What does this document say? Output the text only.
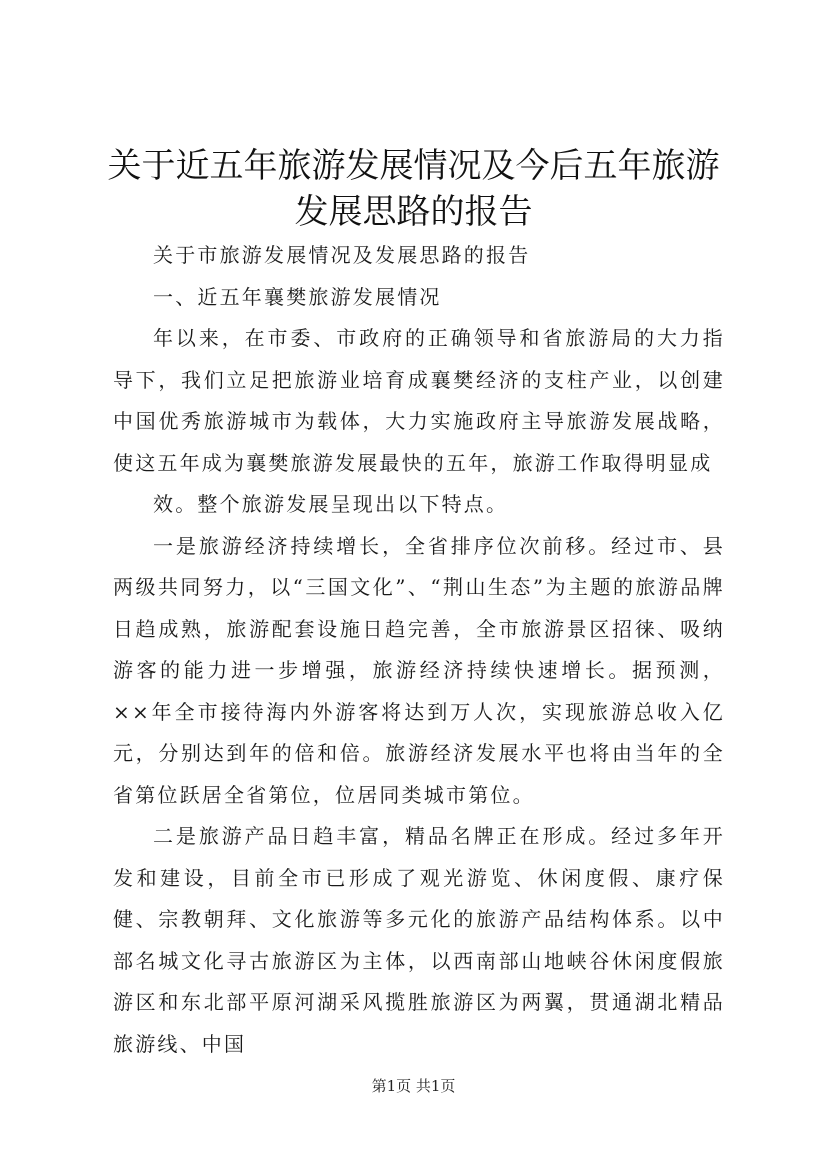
关于近五年旅游发展情况及今后五年旅游发展思路的报告

关于市旅游发展情况及发展思路的报告

一、近五年襄樊旅游发展情况

年以来，在市委、市政府的正确领导和省旅游局的大力指导下，我们立足把旅游业培育成襄樊经济的支柱产业，以创建中国优秀旅游城市为载体，大力实施政府主导旅游发展战略，使这五年成为襄樊旅游发展最快的五年，旅游工作取得明显成

效。整个旅游发展呈现出以下特点。

一是旅游经济持续增长，全省排序位次前移。经过市、县两级共同努力，以“三国文化”、“荆山生态”为主题的旅游品牌日趋成熟，旅游配套设施日趋完善，全市旅游景区招徕、吸纳游客的能力进一步增强，旅游经济持续快速增长。据预测，××年全市接待海内外游客将达到万人次，实现旅游总收入亿元，分别达到年的倍和倍。旅游经济发展水平也将由当年的全省第位跃居全省第位，位居同类城市第位。

二是旅游产品日趋丰富，精品名牌正在形成。经过多年开发和建设，目前全市已形成了观光游览、休闲度假、康疗保健、宗教朝拜、文化旅游等多元化的旅游产品结构体系。以中部名城文化寻古旅游区为主体，以西南部山地峡谷休闲度假旅游区和东北部平原河湖采风揽胜旅游区为两翼，贯通湖北精品旅游线、中国

第1页 共1页
